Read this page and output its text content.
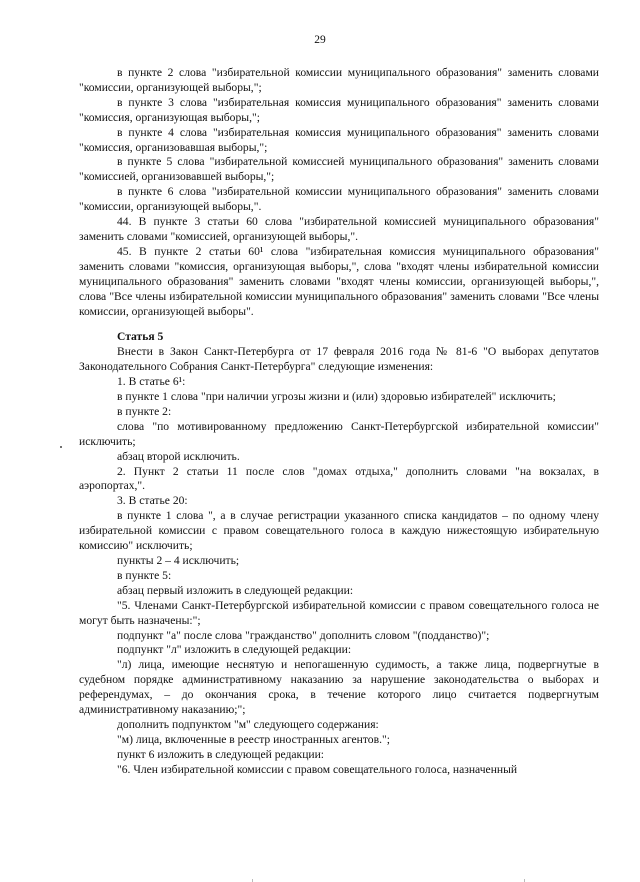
29

в пункте 2 слова "избирательной комиссии муниципального образования" заменить словами "комиссии, организующей выборы,";

в пункте 3 слова "избирательная комиссия муниципального образования" заменить словами "комиссия, организующая выборы,";

в пункте 4 слова "избирательная комиссия муниципального образования" заменить словами "комиссия, организовавшая выборы,";

в пункте 5 слова "избирательной комиссией муниципального образования" заменить словами "комиссией, организовавшей выборы,";

в пункте 6 слова "избирательной комиссии муниципального образования" заменить словами "комиссии, организующей выборы,".

44. В пункте 3 статьи 60 слова "избирательной комиссией муниципального образования" заменить словами "комиссией, организующей выборы,".

45. В пункте 2 статьи 60¹ слова "избирательная комиссия муниципального образования" заменить словами "комиссия, организующая выборы,", слова "входят члены избирательной комиссии муниципального образования" заменить словами "входят члены комиссии, организующей выборы,", слова "Все члены избирательной комиссии муниципального образования" заменить словами "Все члены комиссии, организующей выборы".

Статья 5

Внести в Закон Санкт-Петербурга от 17 февраля 2016 года № 81-6 "О выборах депутатов Законодательного Собрания Санкт-Петербурга" следующие изменения:

1. В статье 6¹:

в пункте 1 слова "при наличии угрозы жизни и (или) здоровью избирателей" исключить;

в пункте 2:

слова "по мотивированному предложению Санкт-Петербургской избирательной комиссии" исключить;

абзац второй исключить.

2. Пункт 2 статьи 11 после слов "домах отдыха," дополнить словами "на вокзалах, в аэропортах,".

3. В статье 20:

в пункте 1 слова ", а в случае регистрации указанного списка кандидатов – по одному члену избирательной комиссии с правом совещательного голоса в каждую нижестоящую избирательную комиссию" исключить;

пункты 2 – 4 исключить;

в пункте 5:

абзац первый изложить в следующей редакции:

"5. Членами Санкт-Петербургской избирательной комиссии с правом совещательного голоса не могут быть назначены:";

подпункт "а" после слова "гражданство" дополнить словом "(подданство)";

подпункт "л" изложить в следующей редакции:

"л) лица, имеющие неснятую и непогашенную судимость, а также лица, подвергнутые в судебном порядке административному наказанию за нарушение законодательства о выборах и референдумах, – до окончания срока, в течение которого лицо считается подвергнутым административному наказанию;";

дополнить подпунктом "м" следующего содержания:

"м) лица, включенные в реестр иностранных агентов.";

пункт 6 изложить в следующей редакции:

"6. Член избирательной комиссии с правом совещательного голоса, назначенный
